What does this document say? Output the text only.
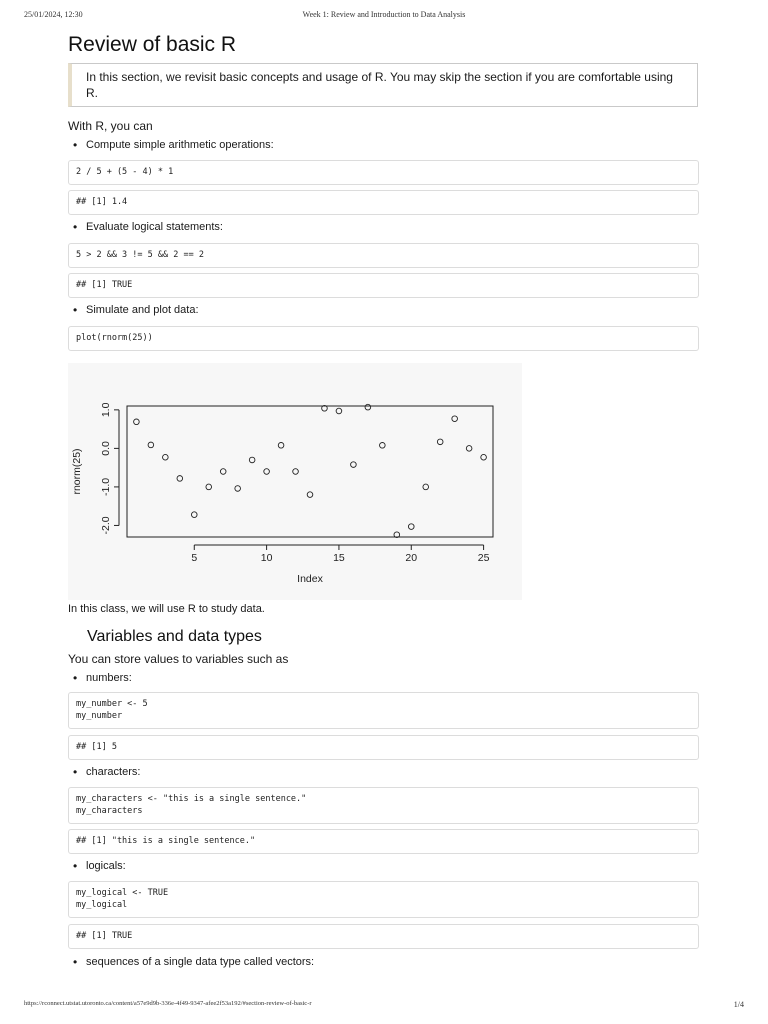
25/01/2024, 12:30	Week 1: Review and Introduction to Data Analysis
Review of basic R
In this section, we revisit basic concepts and usage of R. You may skip the section if you are comfortable using R.

With R, you can

• Compute simple arithmetic operations:
2 / 5 + (5 - 4) * 1
## [1] 1.4
• Evaluate logical statements:
5 > 2 && 3 != 5 && 2 == 2
## [1] TRUE
• Simulate and plot data:
plot(rnorm(25))
5	10	15	20	25
-2.0
-1.0
0.0
1.0
Index
rnorm(25)

In this class, we will use R to study data.

Variables and data types

You can store values to variables such as

• numbers:
my_number <- 5
my_number
## [1] 5
• characters:
my_characters <- "this is a single sentence."
my_characters
## [1] "this is a single sentence."
• logicals:
my_logical <- TRUE
my_logical
## [1] TRUE
• sequences of a single data type called vectors:
https://rconnect.utstat.utoronto.ca/content/a57e9d9b-336e-4f49-9347-afee2f53a192/#section-review-of-basic-r	1/4
